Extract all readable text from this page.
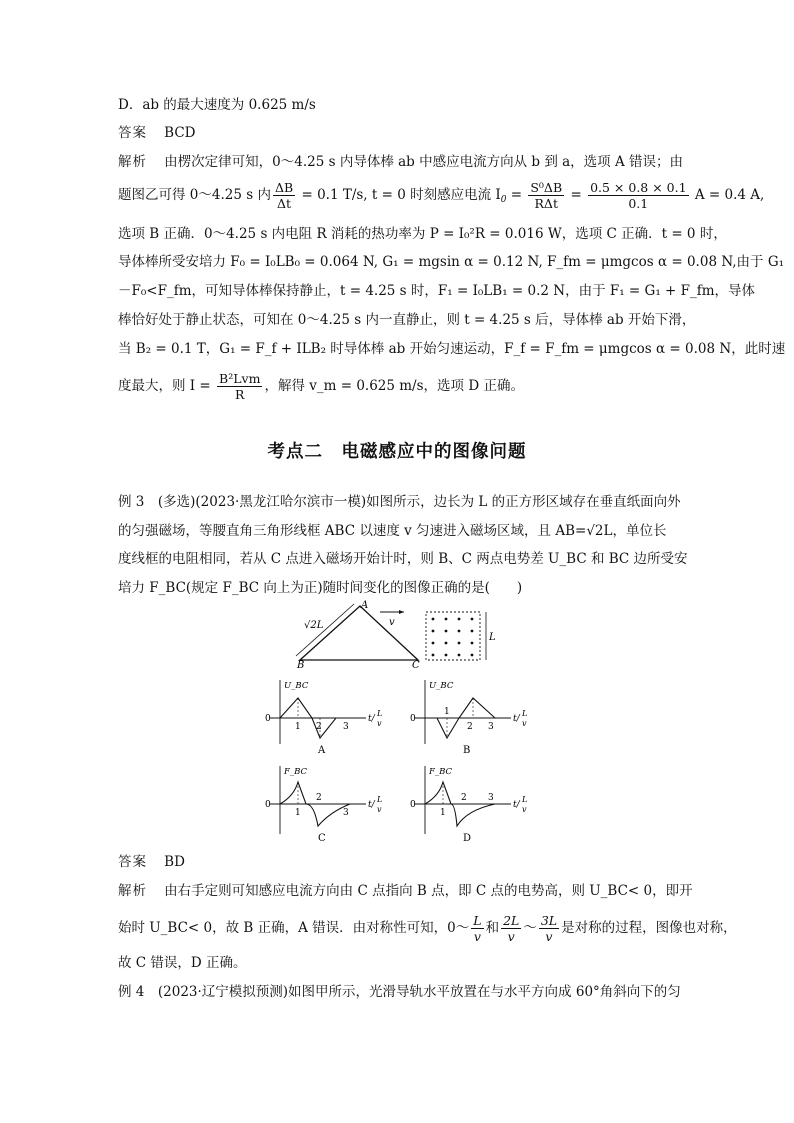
D．ab 的最大速度为 0.625 m/s
答案 BCD
解析 由楞次定律可知，0～4.25 s 内导体棒 ab 中感应电流方向从 b 到 a，选项 A 错误；由
题图乙可得 0～4.25 s 内 $\frac{\Delta B}{\Delta t} = 0.1$ T/s, t = 0 时刻感应电流 $I_0 = \frac{\text{S⁰ΔB}}{\text{RΔt}} = \frac{0.5 \times 0.8 \times 0.1}{0.1}$ A = 0.4 A,
选项 B 正确．0～4.25 s 内电阻 R 消耗的热功率为 P = I₀²R = 0.016 W，选项 C 正确．t = 0 时，
导体棒所受安培力 F₀ = I₀LB₀ = 0.064 N, G₁ = mgsin α = 0.12 N, F_fm = μmgcos α = 0.08 N,由于 G₁
－F₀<F_fm，可知导体棒保持静止，t = 4.25 s 时，F₁ = I₀LB₁ = 0.2 N，由于 F₁ = G₁ + F_fm，导体
棒恰好处于静止状态，可知在 0～4.25 s 内一直静止，则 t = 4.25 s 后，导体棒 ab 开始下滑，
当 B₂ = 0.1 T，G₁ = F_f + ILB₂ 时导体棒 ab 开始匀速运动，F_f = F_fm = μmgcos α = 0.08 N，此时速
度最大，则 $I = \frac{\text{B²Lvm}}{R}$ ，解得 v_m = 0.625 m/s，选项 D 正确。
考点二　电磁感应中的图像问题
例 3　(多选)(2023·黑龙江哈尔滨市一模)如图所示，边长为 L 的正方形区域存在垂直纸面向外
的匀强磁场，等腰直角三角形线框 ABC 以速度 v 匀速进入磁场区域，且 AB=√2L，单位长
度线框的电阻相同，若从 C 点进入磁场开始计时，则 B、C 两点电势差 U_BC 和 BC 边所受安
培力 F_BC(规定 F_BC 向上为正)随时间变化的图像正确的是(　　)
√2L
A
B	C
v
L
U_BC
0
1 2 3
t/
L
v
A
U_BC
0
1
2 3
t/
L
v
B
F_BC
0
1
2
3
t/
L
v
C
F_BC
0
1
2 3
t/
L
v
D
答案 BD
解析 由右手定则可知感应电流方向由 C 点指向 B 点，即 C 点的电势高，则 U_BC< 0，即开
始时 U_BC< 0，故 B 正确，A 错误．由对称性可知，0～ $\frac{L}{v}$ 和 $\frac{2L}{v}$ ～ $\frac{3L}{v}$ 是对称的过程，图像也对称，
故 C 错误，D 正确。
例 4　(2023·辽宁模拟预测)如图甲所示，光滑导轨水平放置在与水平方向成 60°角斜向下的匀
